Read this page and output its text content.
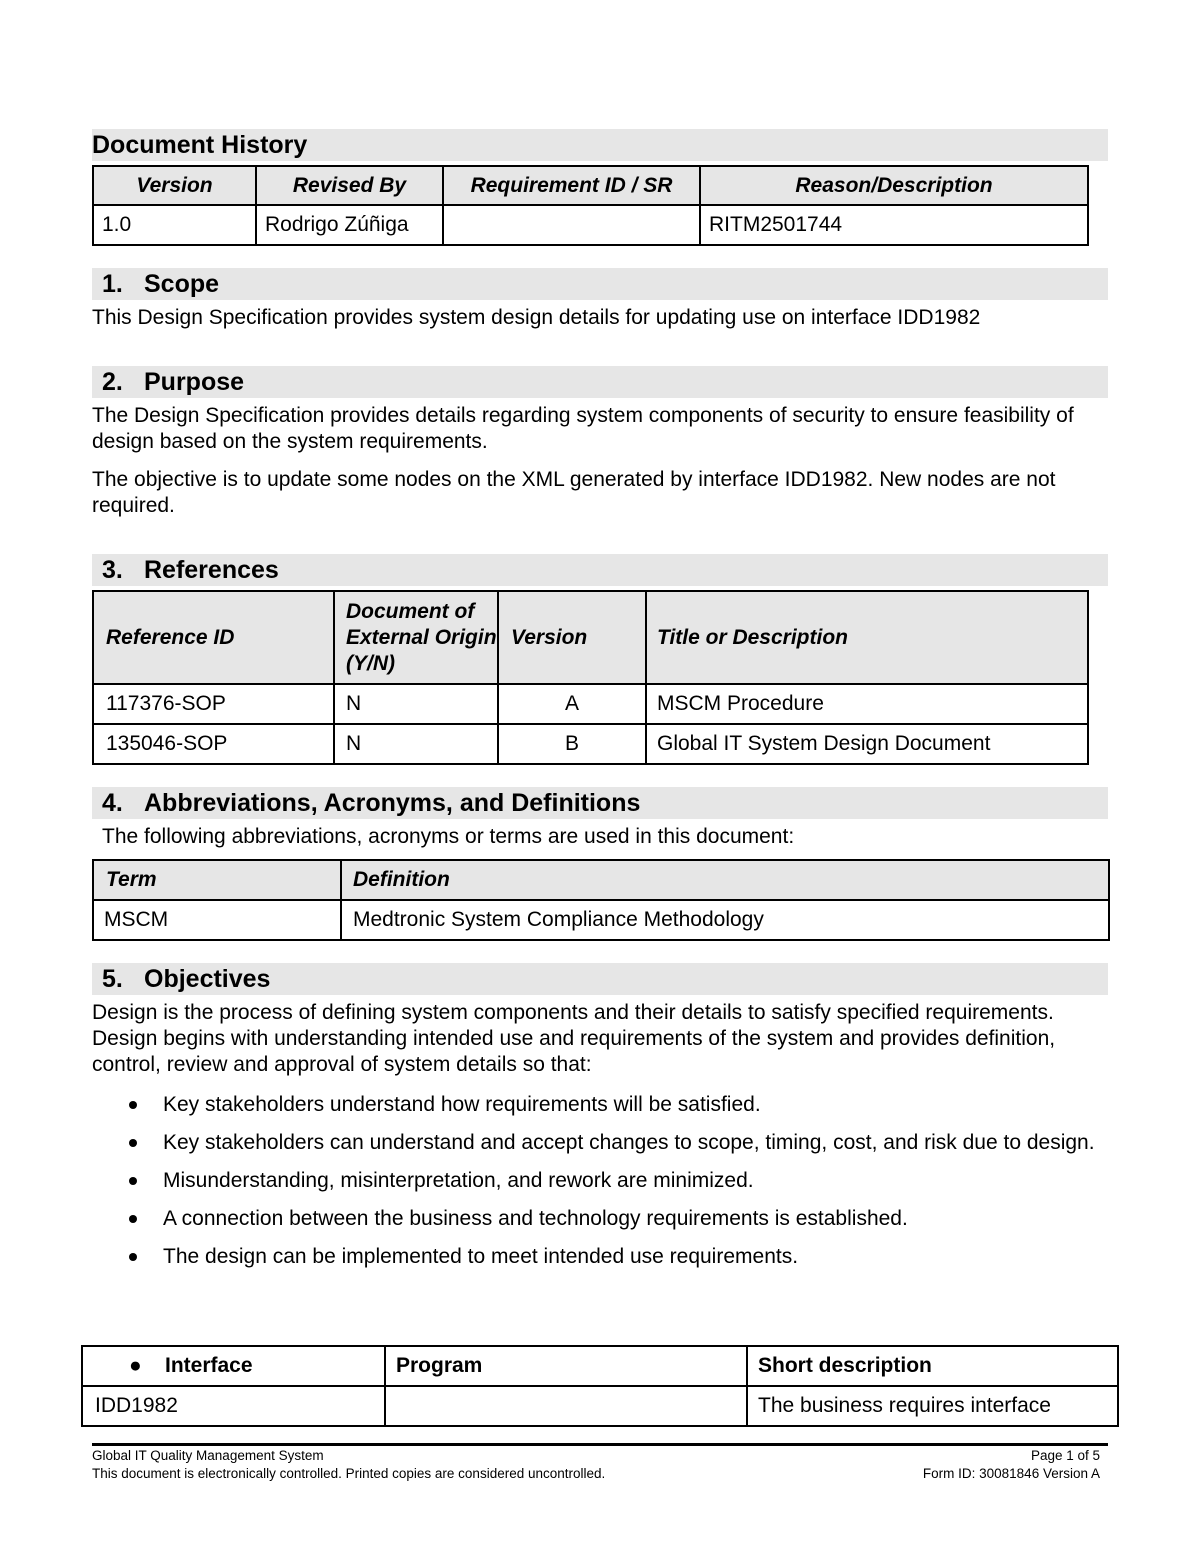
Document History
Version	Revised By	Requirement ID / SR	Reason/Description
1.0	Rodrigo Zúñiga		RITM2501744
1. Scope
This Design Specification provides system design details for updating use on interface IDD1982
2. Purpose
The Design Specification provides details regarding system components of security to ensure feasibility of design based on the system requirements.
The objective is to update some nodes on the XML generated by interface IDD1982. New nodes are not required.
3. References
Reference ID	Document of External Origin (Y/N)	Version	Title or Description
117376-SOP	N	A	MSCM Procedure
135046-SOP	N	B	Global IT System Design Document
4. Abbreviations, Acronyms, and Definitions
The following abbreviations, acronyms or terms are used in this document:
Term	Definition
MSCM	Medtronic System Compliance Methodology
5. Objectives
Design is the process of defining system components and their details to satisfy specified requirements. Design begins with understanding intended use and requirements of the system and provides definition, control, review and approval of system details so that:
Key stakeholders understand how requirements will be satisfied.
Key stakeholders can understand and accept changes to scope, timing, cost, and risk due to design.
Misunderstanding, misinterpretation, and rework are minimized.
A connection between the business and technology requirements is established.
The design can be implemented to meet intended use requirements.
●    Interface	Program	Short description
IDD1982		The business requires interface
Global IT Quality Management System	Page 1 of 5
This document is electronically controlled. Printed copies are considered uncontrolled.	Form ID: 30081846 Version A
